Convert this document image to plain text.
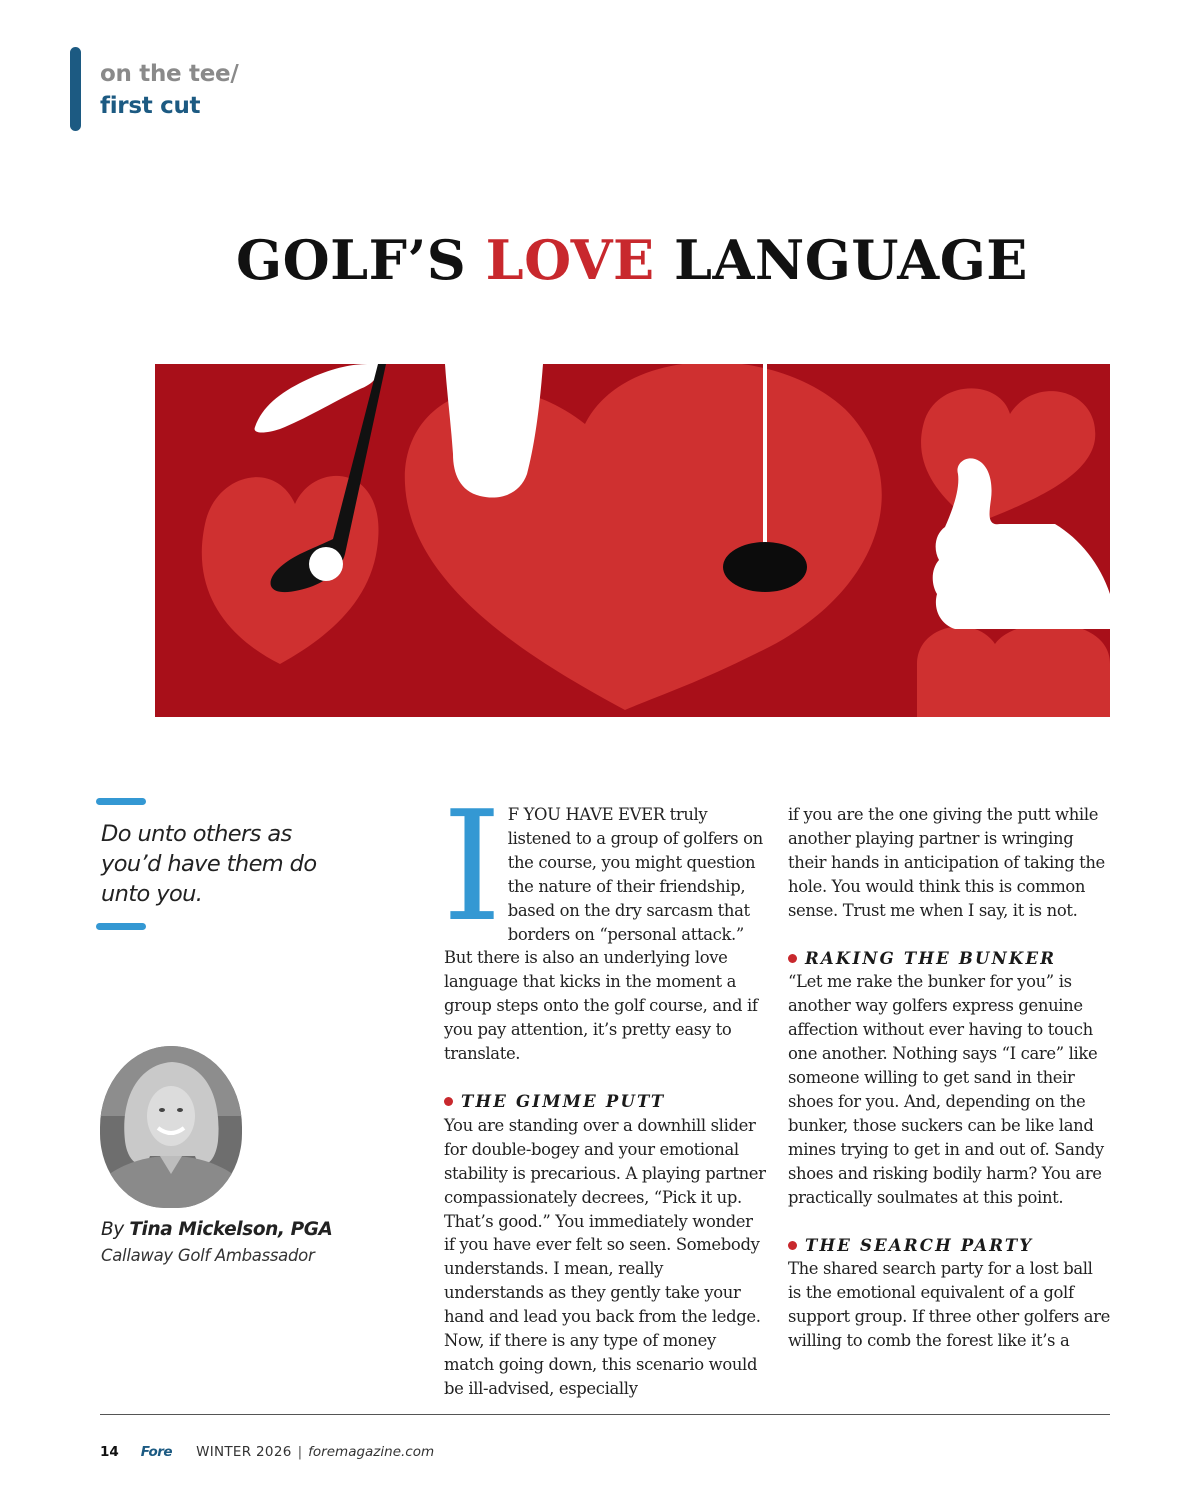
on the tee/
first cut
GOLF’S LOVE LANGUAGE
Do unto others as you’d have them do unto you.
By Tina Mickelson, PGA
Callaway Golf Ambassador

I F YOU HAVE EVER truly listened to a group of golfers on the course, you might question the nature of their friendship, based on the dry sarcasm that borders on “personal attack.” But there is also an underlying love language that kicks in the moment a group steps onto the golf course, and if you pay attention, it’s pretty easy to translate.

THE GIMME PUTT

You are standing over a downhill slider for double-bogey and your emotional stability is precarious. A playing partner compassionately decrees, “Pick it up. That’s good.” You immediately wonder if you have ever felt so seen. Somebody understands. I mean, really understands as they gently take your hand and lead you back from the ledge. Now, if there is any type of money match going down, this scenario would be ill-advised, especially

if you are the one giving the putt while another playing partner is wringing their hands in anticipation of taking the hole. You would think this is common sense. Trust me when I say, it is not.

RAKING THE BUNKER

“Let me rake the bunker for you” is another way golfers express genuine affection without ever having to touch one another. Nothing says “I care” like someone willing to get sand in their shoes for you. And, depending on the bunker, those suckers can be like land mines trying to get in and out of. Sandy shoes and risking bodily harm? You are practically soulmates at this point.

THE SEARCH PARTY

The shared search party for a lost ball is the emotional equivalent of a golf support group. If three other golfers are willing to comb the forest like it’s a

14 Fore WINTER 2026 | foremagazine.com
